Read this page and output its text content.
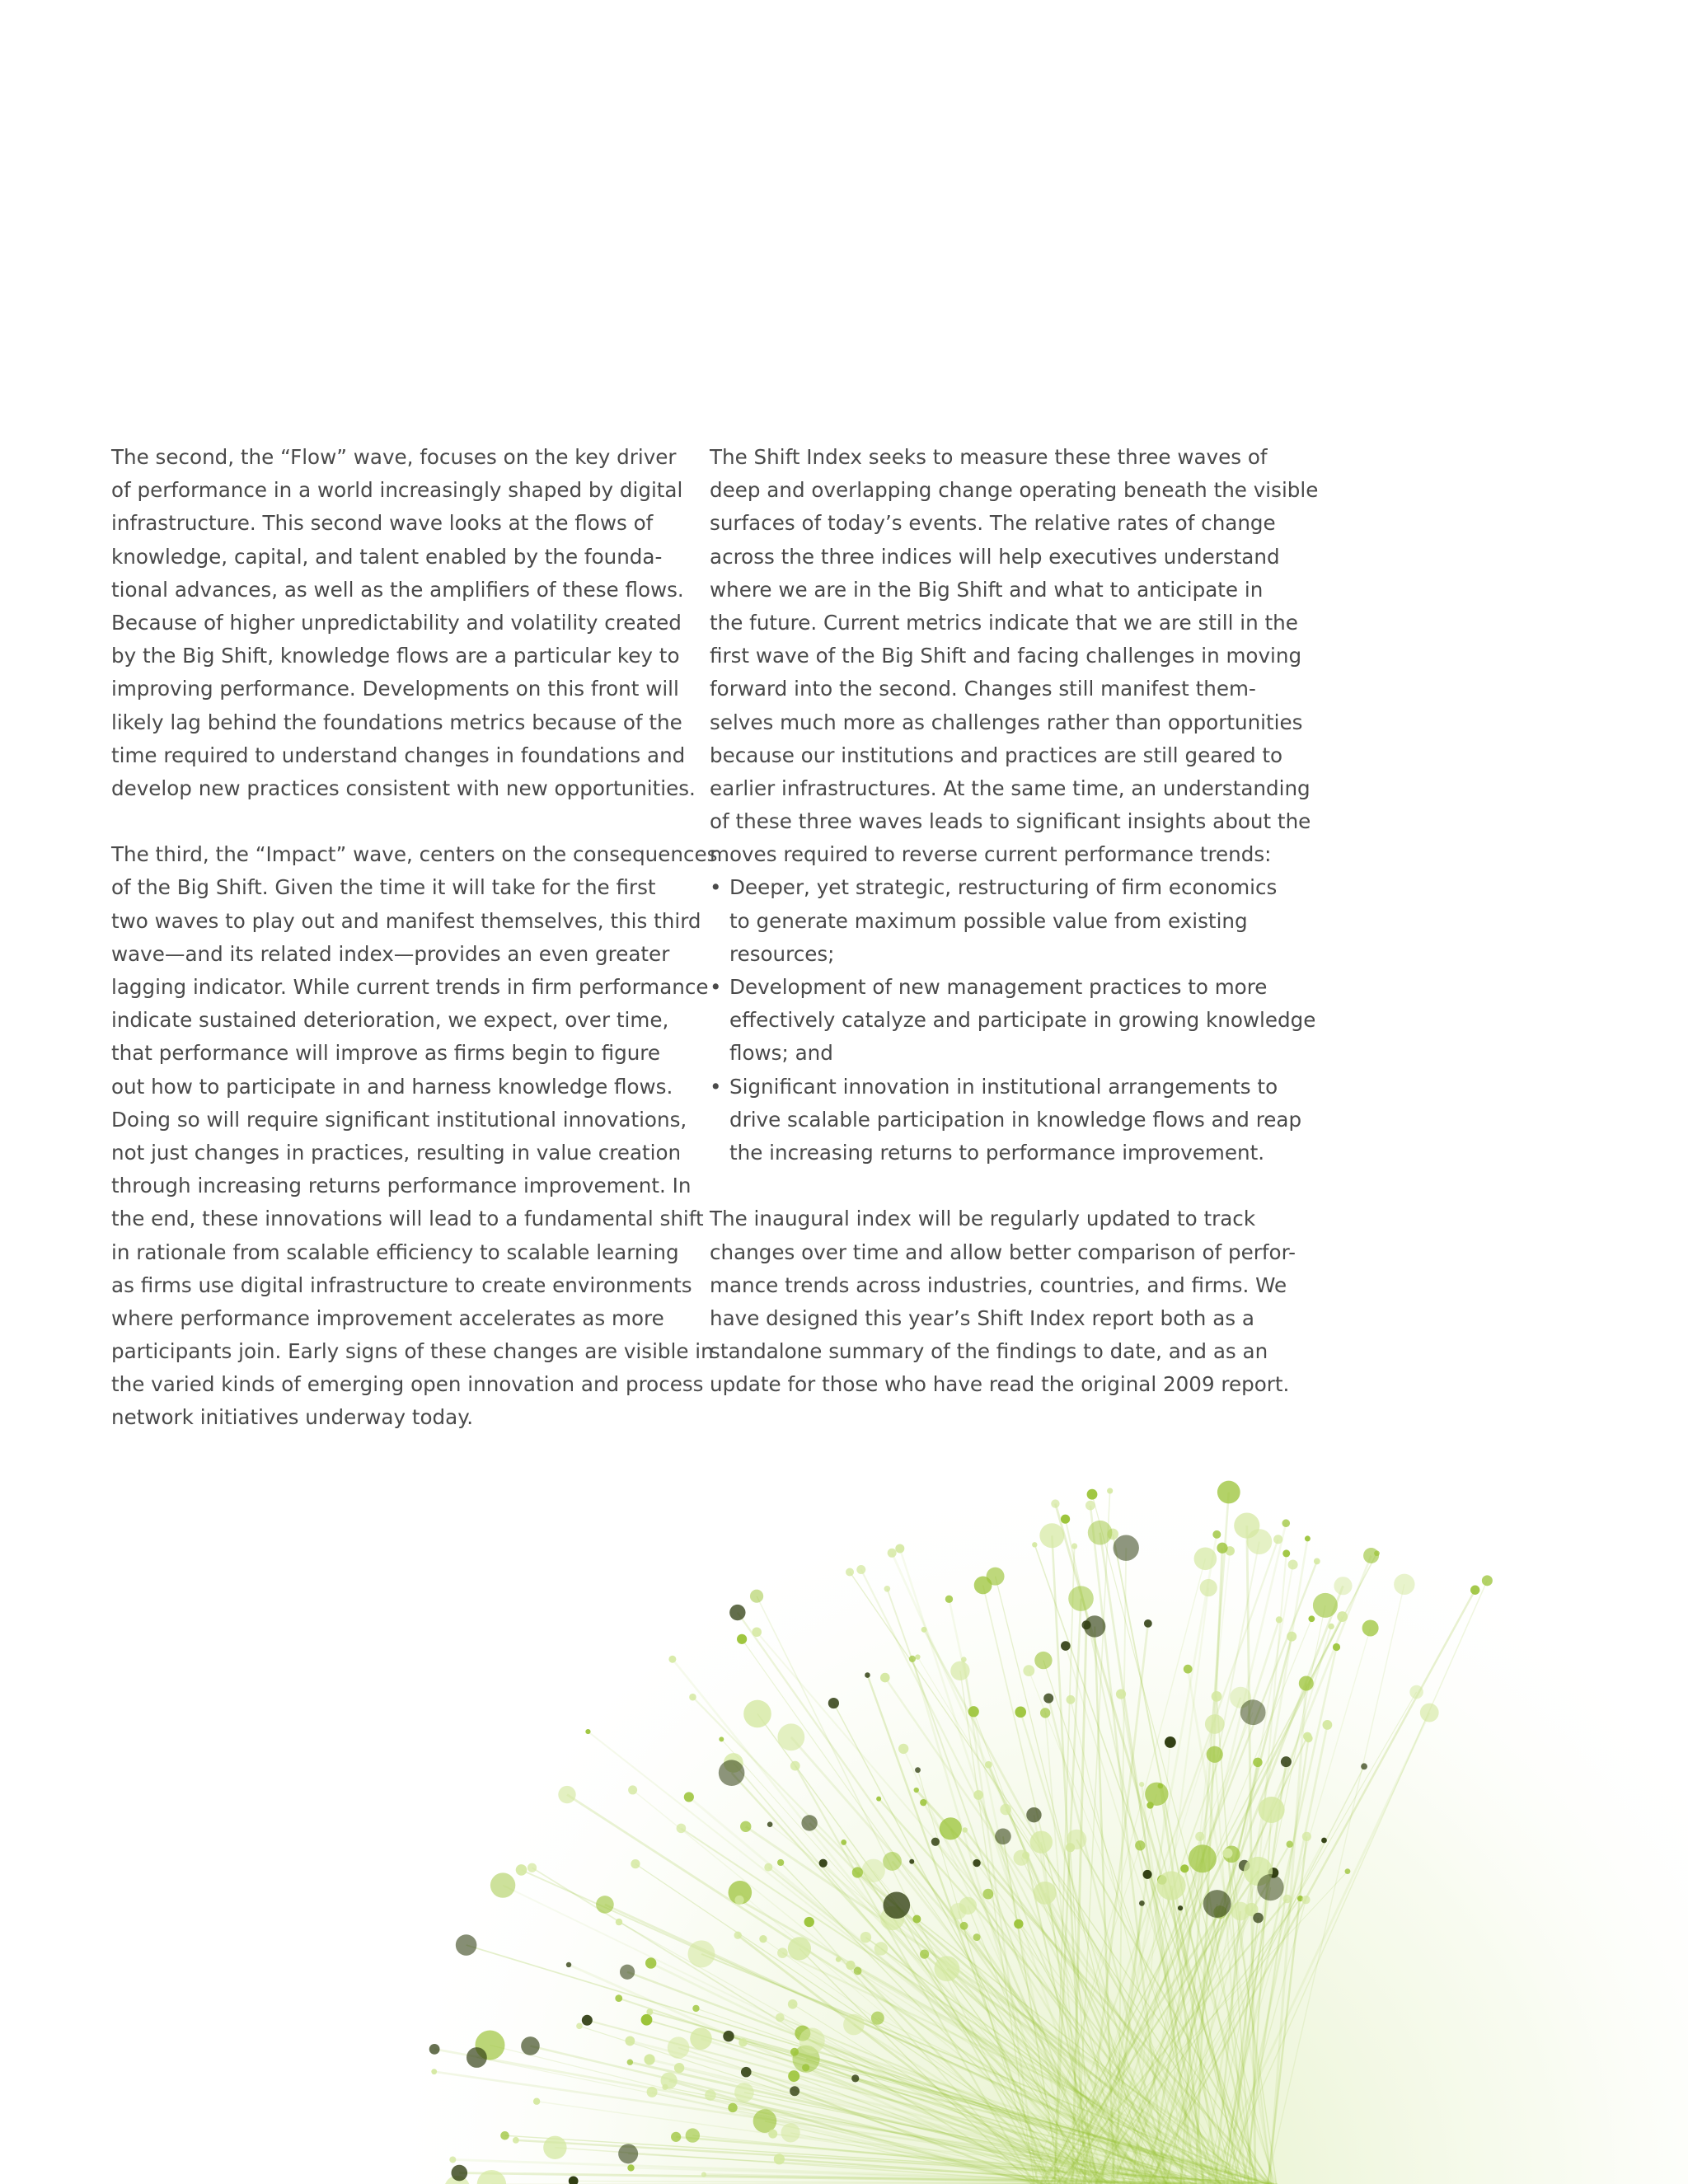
The second, the “Flow” wave, focuses on the key driver
of performance in a world increasingly shaped by digital
infrastructure. This second wave looks at the flows of
knowledge, capital, and talent enabled by the founda-
tional advances, as well as the amplifiers of these flows.
Because of higher unpredictability and volatility created
by the Big Shift, knowledge flows are a particular key to
improving performance. Developments on this front will
likely lag behind the foundations metrics because of the
time required to understand changes in foundations and
develop new practices consistent with new opportunities.
The third, the “Impact” wave, centers on the consequences
of the Big Shift. Given the time it will take for the first
two waves to play out and manifest themselves, this third
wave—and its related index—provides an even greater
lagging indicator. While current trends in firm performance
indicate sustained deterioration, we expect, over time,
that performance will improve as firms begin to figure
out how to participate in and harness knowledge flows.
Doing so will require significant institutional innovations,
not just changes in practices, resulting in value creation
through increasing returns performance improvement. In
the end, these innovations will lead to a fundamental shift
in rationale from scalable efficiency to scalable learning
as firms use digital infrastructure to create environments
where performance improvement accelerates as more
participants join. Early signs of these changes are visible in
the varied kinds of emerging open innovation and process
network initiatives underway today.
The Shift Index seeks to measure these three waves of
deep and overlapping change operating beneath the visible
surfaces of today’s events. The relative rates of change
across the three indices will help executives understand
where we are in the Big Shift and what to anticipate in
the future. Current metrics indicate that we are still in the
first wave of the Big Shift and facing challenges in moving
forward into the second. Changes still manifest them-
selves much more as challenges rather than opportunities
because our institutions and practices are still geared to
earlier infrastructures. At the same time, an understanding
of these three waves leads to significant insights about the
moves required to reverse current performance trends:
• Deeper, yet strategic, restructuring of firm economics
to generate maximum possible value from existing
resources;
• Development of new management practices to more
effectively catalyze and participate in growing knowledge
flows; and
• Significant innovation in institutional arrangements to
drive scalable participation in knowledge flows and reap
the increasing returns to performance improvement.
The inaugural index will be regularly updated to track
changes over time and allow better comparison of perfor-
mance trends across industries, countries, and firms. We
have designed this year’s Shift Index report both as a
standalone summary of the findings to date, and as an
update for those who have read the original 2009 report.
